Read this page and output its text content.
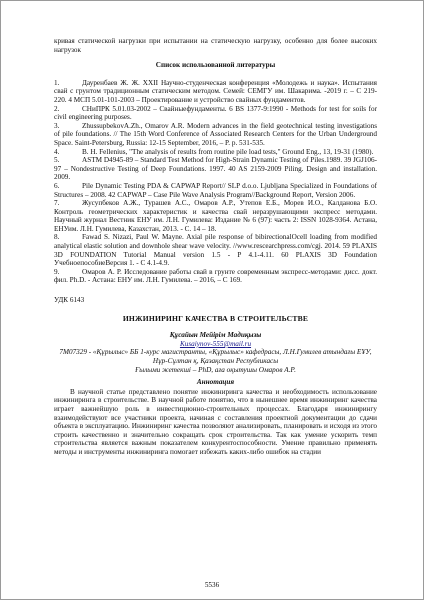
кривая статической нагрузки при испытании на статическую нагрузку, особенно для более высоких нагрузок

Список использованной литературы
1.	Дауренбаев Ж. Ж. XXII Научно-студенческая конференция «Молодежь и наука». Испытания свай с грунтом традиционным статическим методом. Семей: СЕМГУ им. Шакарима. -2019 г. – С 219-220. 4 МСП 5.01-101-2003 – Проектирование и устройство свайных фундаментов.
2.	СНиПРК 5.01.03-2002 – Свайныефундаменты. 6 BS 1377-9:1990 - Methods for test for soils for civil engineering purposes.
3.	ZhussupbekovA.Zh., Omarov A.R. Modern advances in the field geotechnical testing investigations of pile foundations. // The 15th Word Conference of Associated Research Centers for the Urban Underground Space. Saint-Petersburg, Russia: 12-15 September, 2016, – P. p. 531-535.
4.	B. H. Fellenius, "The analysis of results from routine pile load tests," Ground Eng., 13, 19-31 (1980).
5.	ASTM D4945-89 – Standard Test Method for High-Strain Dynamic Testing of Piles.1989. 39 JGJ106-97 – Nondestructive Testing of Deep Foundations. 1997. 40 AS 2159-2009 Piling. Design and installation. 2009.
6.	Pile Dynamic Testing PDA & CAPWAP Report// SLP d.o.o. Ljubljana Specialized in Foundations of Structures – 2008. 42 CAPWAP – Case Pile Wave Analysis Program//Background Report, Version 2006.
7.	Жусупбеков А.Ж., Турашев А.С., Омаров А.Р., Утепов Е.Б., Морев И.О., Калданова Б.О. Контроль геометрических характеристик и качества свай неразрушающими экспресс методами. Научный журнал Вестник ЕНУ им. Л.Н. Гумилева: Издание № 6 (97): часть 2: ISSN 1028-9364. Астана, ЕНУим. Л.Н. Гумилева, Казахстан, 2013. - С. 14 – 18.
8.	Fawad S. Nizazi, Paul W. Mayne. Axial pile response of bibirectionalOcell loading from modified analytical elastic solution and downhole shear wave velocity. //www.rescearchpress.com/cgj. 2014. 59 PLAXIS 3D FOUNDATION Tutorial Manual version 1.5 - P 4.1-4.11. 60 PLAXIS 3D Foundation УчебноепособиеВерсия 1. - С 4.1-4.9.
9.	Омаров А. Р. Исследование работы свай в грунте современным экспресс-методами: дисс. докт. фил. Ph.D. - Астана: ЕНУ им. Л.Н. Гумилева. – 2016, – С 169.
УДК 6143
ИНЖИНИРИНГ КАЧЕСТВА В СТРОИТЕЛЬСТВЕ
Құсайын Мейірім Мадиқызы
Kusaiynov-555@mail.ru
7М07329 - «Құрылыс» ББ 1-курс магистранты, «Құрылыс» кафедрасы, Л.Н.Гумилев атындағы ЕҰУ, Нұр-Сұлтан қ, Қазақстан Республикасы
Ғылыми жетекші – PhD, аға оқытушы Омаров А.Р.
Аннотация

В научной статье представлено понятие инжиниринга качества и необходимость использование инжиниринга в строительстве. В научной работе понятно, что в нынешнее время инжиниринг качества играет важнейшую роль в инвестиционно-строительных процессах. Благодаря инжинирингу взаимодействуют все участники проекта, начиная с составления проектной документации до сдачи объекта в эксплуатацию. Инжиниринг качества позволяют анализировать, планировать и исходя из этого строить качественно и значительно сокращать срок строительства. Так как умение ускорить темп строительства является важным показателем конкурентоспособности. Умение правильно применять методы и инструменты инжиниринга помогает избежать каких-либо ошибок на стадии

5536
